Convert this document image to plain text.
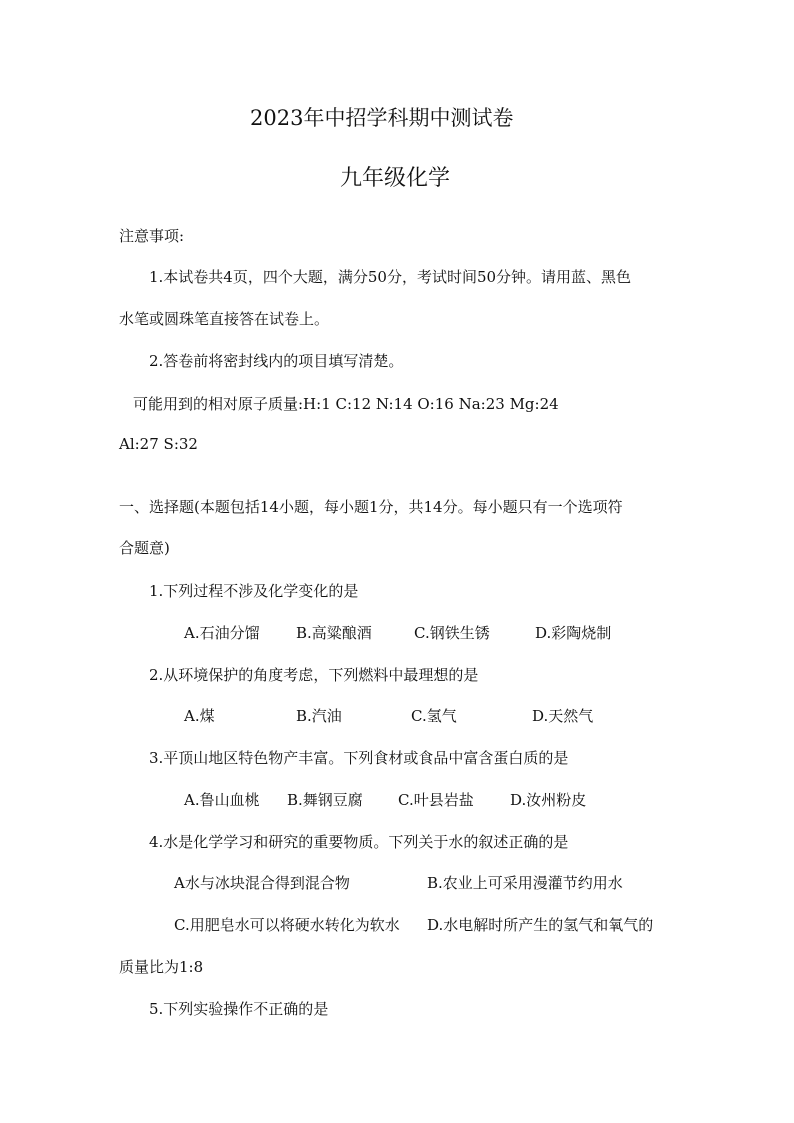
2023年中招学科期中测试卷
九年级化学
注意事项:
1.本试卷共4页，四个大题，满分50分，考试时间50分钟。请用蓝、黑色
水笔或圆珠笔直接答在试卷上。
2.答卷前将密封线内的项目填写清楚。
可能用到的相对原子质量:H:1 C:12 N:14 O:16 Na:23 Mg:24
Al:27 S:32
一、选择题(本题包括14小题，每小题1分，共14分。每小题只有一个选项符
合题意)
1.下列过程不涉及化学变化的是
A.石油分馏 B.高粱酿酒	C.钢铁生锈	D.彩陶烧制
2.从环境保护的角度考虑，下列燃料中最理想的是
A.煤	B.汽油	C.氢气	D.天然气
3.平顶山地区特色物产丰富。下列食材或食品中富含蛋白质的是
A.鲁山血桃 B.舞钢豆腐 C.叶县岩盐 D.汝州粉皮
4.水是化学学习和研究的重要物质。下列关于水的叙述正确的是
A水与冰块混合得到混合物	B.农业上可采用漫灌节约用水
C.用肥皂水可以将硬水转化为软水 D.水电解时所产生的氢气和氧气的
质量比为1:8
5.下列实验操作不正确的是
